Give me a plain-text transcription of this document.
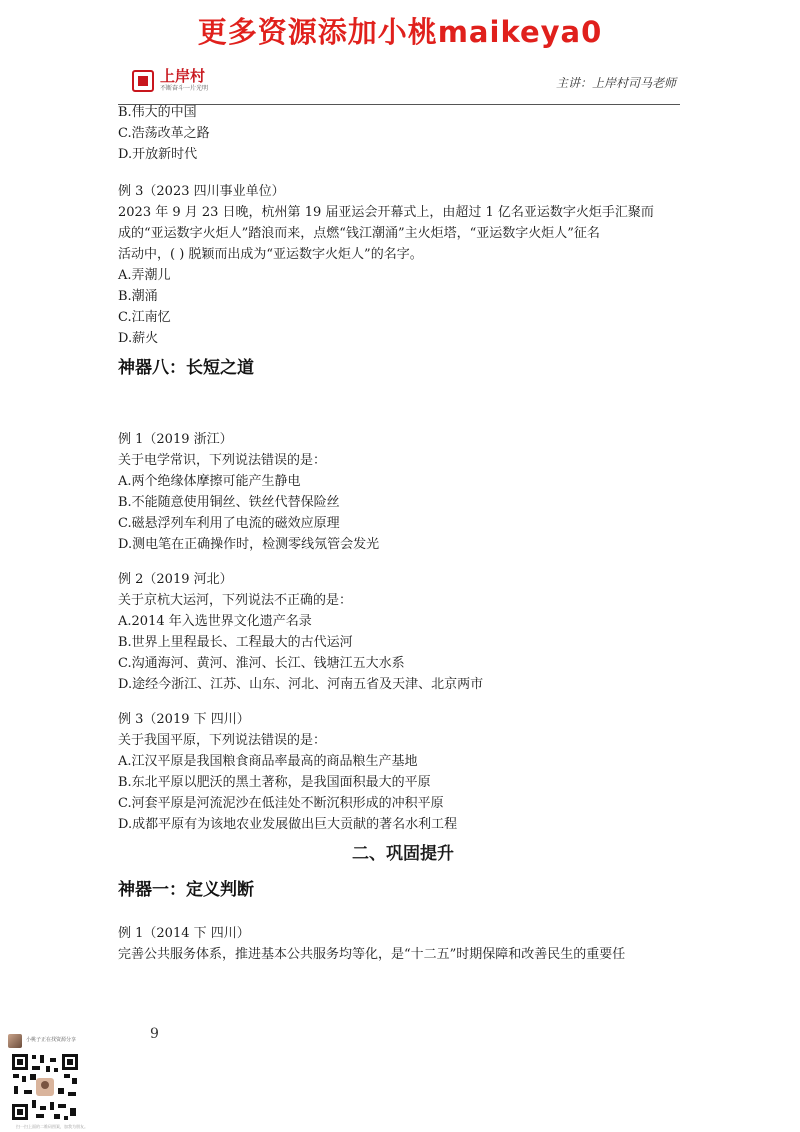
更多资源添加小桃maikeya0
上岸村
不断奋斗一片光明	主讲：上岸村司马老师
B.伟大的中国
C.浩荡改革之路
D.开放新时代
例 3（2023 四川事业单位）
2023 年 9 月 23 日晚，杭州第 19 届亚运会开幕式上，由超过 1 亿名亚运数字火炬手汇聚而
成的“亚运数字火炬人”踏浪而来，点燃“钱江潮涌”主火炬塔，“亚运数字火炬人”征名
活动中，( ) 脱颖而出成为“亚运数字火炬人”的名字。
A.弄潮儿
B.潮涌
C.江南忆
D.薪火
神器八：长短之道
例 1（2019 浙江）
关于电学常识，下列说法错误的是：
A.两个绝缘体摩擦可能产生静电
B.不能随意使用铜丝、铁丝代替保险丝
C.磁悬浮列车利用了电流的磁效应原理
D.测电笔在正确操作时，检测零线氖管会发光
例 2（2019 河北）
关于京杭大运河，下列说法不正确的是：
A.2014 年入选世界文化遗产名录
B.世界上里程最长、工程最大的古代运河
C.沟通海河、黄河、淮河、长江、钱塘江五大水系
D.途经今浙江、江苏、山东、河北、河南五省及天津、北京两市
例 3（2019 下 四川）
关于我国平原，下列说法错误的是：
A.江汉平原是我国粮食商品率最高的商品粮生产基地
B.东北平原以肥沃的黑土著称，是我国面积最大的平原
C.河套平原是河流泥沙在低洼处不断沉积形成的冲积平原
D.成都平原有为该地农业发展做出巨大贡献的著名水利工程
二、巩固提升
神器一：定义判断
例 1（2014 下 四川）
完善公共服务体系，推进基本公共服务均等化，是“十二五”时期保障和改善民生的重要任
9
小桃子正在找资源分享
扫一扫上面的二维码图案，加我为朋友。
